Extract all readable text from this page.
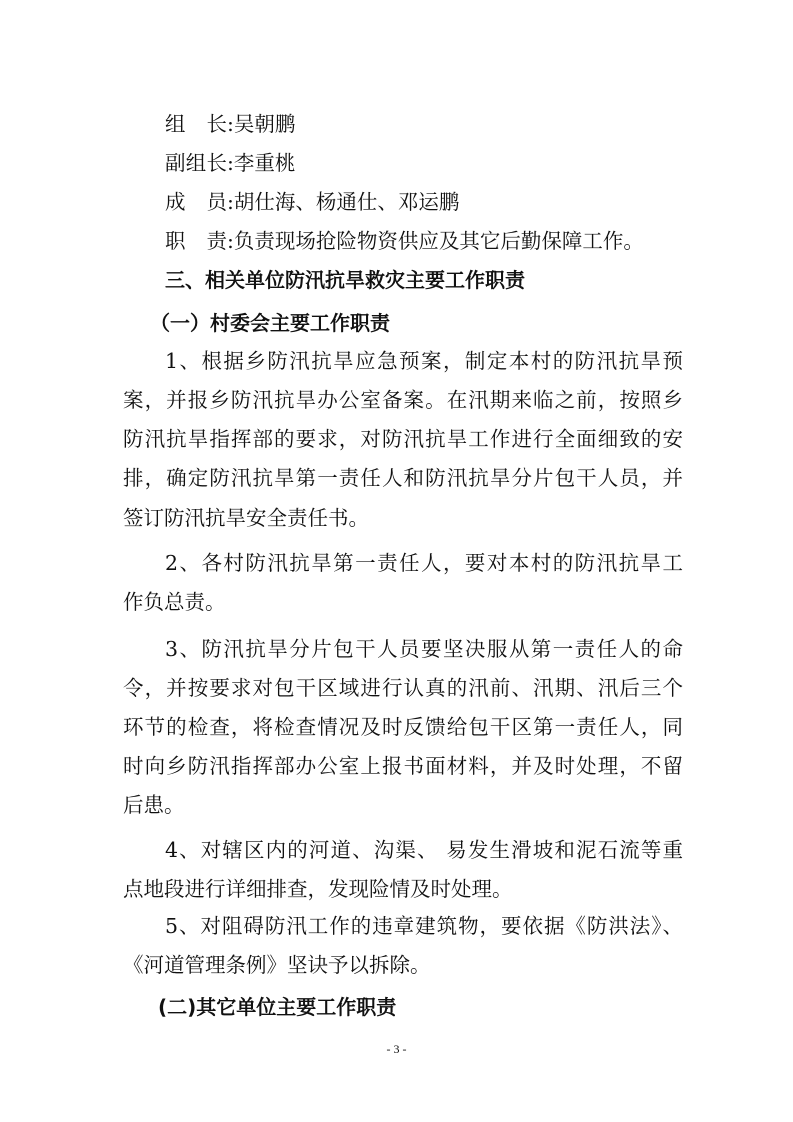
组长:吴朝鹏
副组长:李重桃
成员:胡仕海、杨通仕、邓运鹏
职责:负责现场抢险物资供应及其它后勤保障工作。
三、相关单位防汛抗旱救灾主要工作职责
（一）村委会主要工作职责
1、根据乡防汛抗旱应急预案，制定本村的防汛抗旱预
案，并报乡防汛抗旱办公室备案。在汛期来临之前，按照乡
防汛抗旱指挥部的要求，对防汛抗旱工作进行全面细致的安
排，确定防汛抗旱第一责任人和防汛抗旱分片包干人员，并
签订防汛抗旱安全责任书。
2、各村防汛抗旱第一责任人，要对本村的防汛抗旱工
作负总责。
3、防汛抗旱分片包干人员要坚决服从第一责任人的命
令，并按要求对包干区域进行认真的汛前、汛期、汛后三个
环节的检查，将检查情况及时反馈给包干区第一责任人，同
时向乡防汛指挥部办公室上报书面材料，并及时处理，不留
后患。
4、对辖区内的河道、沟渠、 易发生滑坡和泥石流等重
点地段进行详细排查，发现险情及时处理。
5、对阻碍防汛工作的违章建筑物，要依据《防洪法》、
《河道管理条例》坚诀予以拆除。
(二)其它单位主要工作职责
- 3 -
